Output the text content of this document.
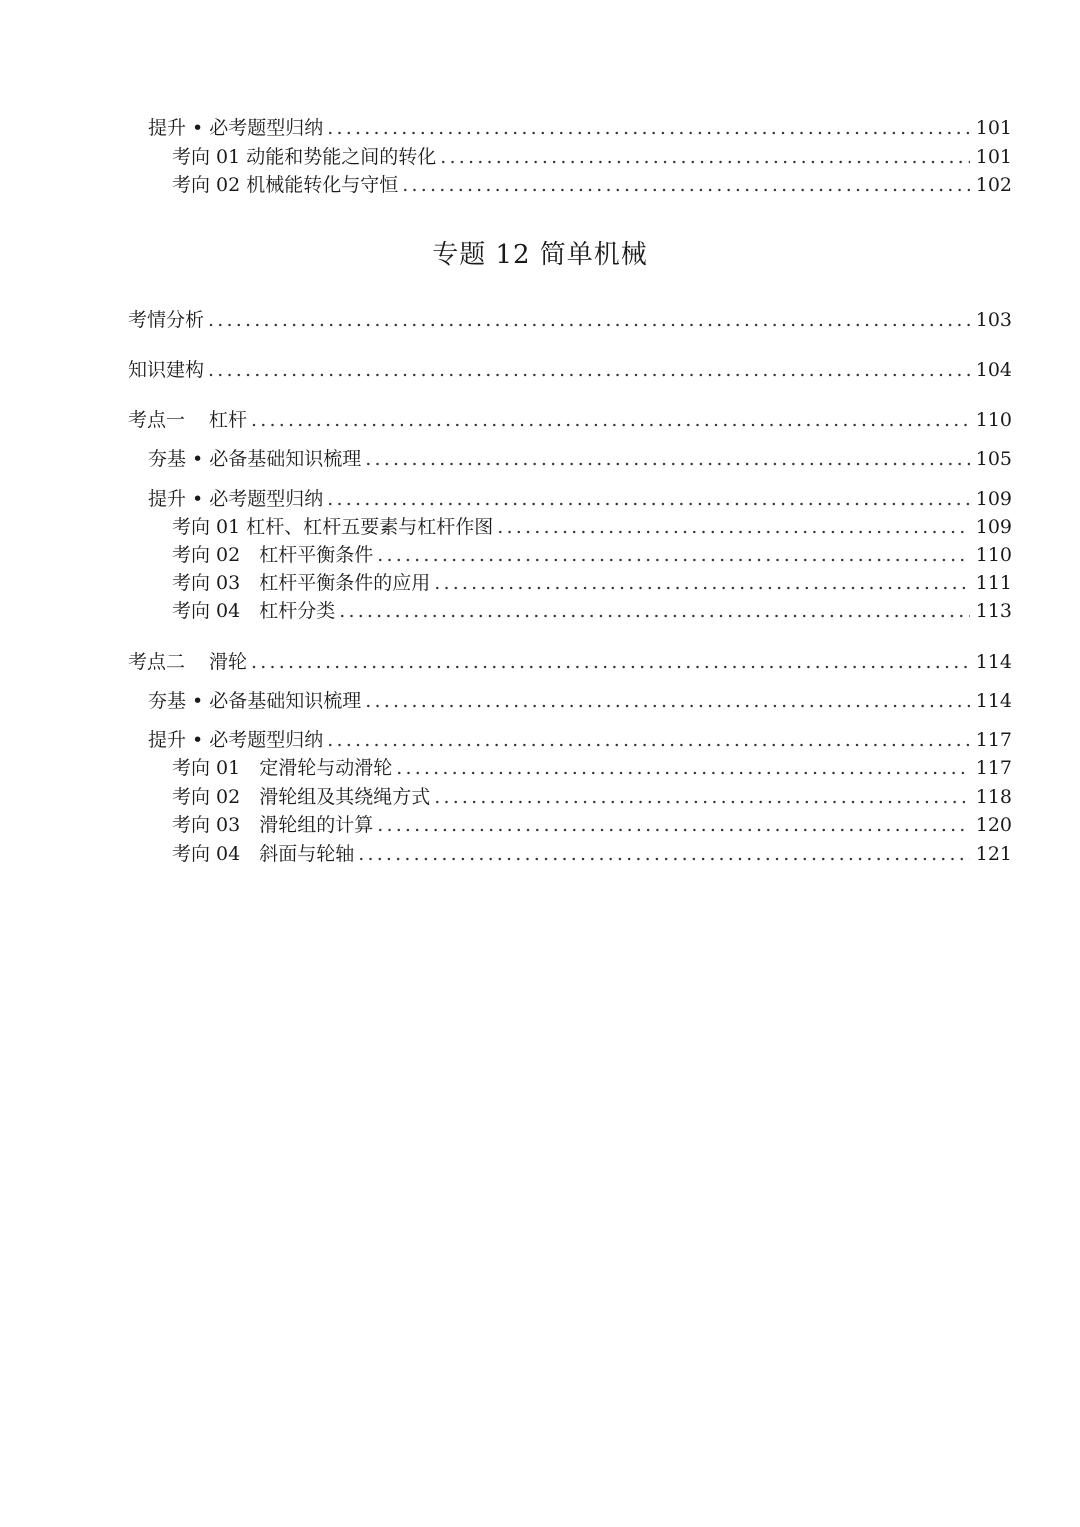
提升 • 必考题型归纳 .....	101
考向 01 动能和势能之间的转化 .....	101
考向 02 机械能转化与守恒 .....	102
专题 12 简单机械
考情分析 .....	103
知识建构 .....	104
考点一 杠杆 .....	110
夯基 • 必备基础知识梳理 .....	105
提升 • 必考题型归纳 .....	109
考向 01 杠杆、杠杆五要素与杠杆作图 .....	109
考向 02　杠杆平衡条件 .....	110
考向 03　杠杆平衡条件的应用 .....	111
考向 04　杠杆分类 .....	113
考点二 滑轮 .....	114
夯基 • 必备基础知识梳理 .....	114
提升 • 必考题型归纳 .....	117
考向 01　定滑轮与动滑轮 .....	117
考向 02　滑轮组及其绕绳方式 .....	118
考向 03　滑轮组的计算 .....	120
考向 04　斜面与轮轴 .....	121
